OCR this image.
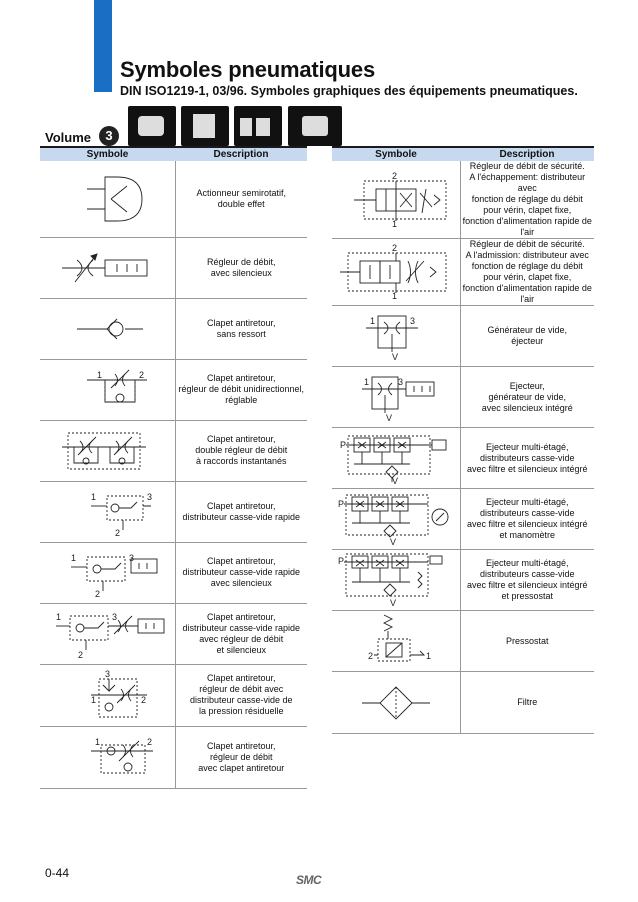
Symboles pneumatiques
DIN ISO1219-1, 03/96. Symboles graphiques des équipements pneumatiques.
Volume	3
Symbole	Description

Actionneur semirotatif,
double effet

Régleur de débit,
avec silencieux

Clapet antiretour,
sans ressort

1 2	Clapet antiretour,
régleur de débit unidirectionnel,
réglable

Clapet antiretour,
double régleur de débit
à raccords instantanés

1 3
2	Clapet antiretour,
distributeur casse-vide rapide

1 3
2	Clapet antiretour,
distributeur casse-vide rapide
avec silencieux

1 3
2	Clapet antiretour,
distributeur casse-vide rapide
avec régleur de débit
et silencieux

3
1 2	Clapet antiretour,
régleur de débit avec
distributeur casse-vide de
la pression résiduelle

1 2	Clapet antiretour,
régleur de débit
avec clapet antiretour
Symbole	Description

2
1	Régleur de débit de sécurité.
A l'échappement: distributeur avec
fonction de réglage du débit
pour vérin, clapet fixe,
fonction d'alimentation rapide de l'air

2
1	Régleur de débit de sécurité.
A l'admission: distributeur avec
fonction de réglage du débit
pour vérin, clapet fixe,
fonction d'alimentation rapide de l'air

1 3
V	Générateur de vide,
éjecteur

1 3
V	Ejecteur,
générateur de vide,
avec silencieux intégré

P
V	Ejecteur multi-étagé,
distributeurs casse-vide
avec filtre et silencieux intégré

P
V	Ejecteur multi-étagé,
distributeurs casse-vide
avec filtre et silencieux intégré
et manomètre

P
V	Ejecteur multi-étagé,
distributeurs casse-vide
avec filtre et silencieux intégré
et pressostat

2 1	Pressostat

Filtre
0-44	SMC
